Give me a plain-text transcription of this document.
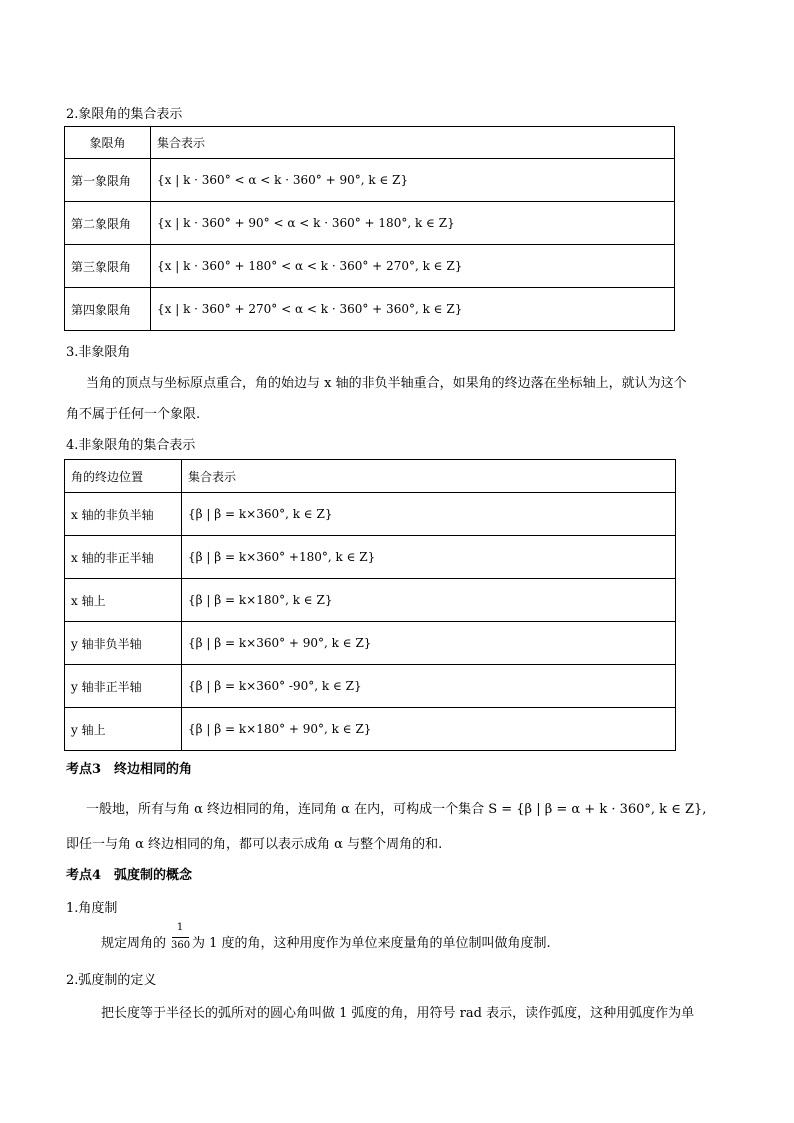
2.象限角的集合表示
象限角	集合表示
第一象限角	{x | k · 360° < α < k · 360° + 90°, k ∈ Z}
第二象限角	{x | k · 360° + 90° < α < k · 360° + 180°, k ∈ Z}
第三象限角	{x | k · 360° + 180° < α < k · 360° + 270°, k ∈ Z}
第四象限角	{x | k · 360° + 270° < α < k · 360° + 360°, k ∈ Z}
3.非象限角
当角的顶点与坐标原点重合，角的始边与 x 轴的非负半轴重合，如果角的终边落在坐标轴上，就认为这个
角不属于任何一个象限.
4.非象限角的集合表示
角的终边位置	集合表示
x 轴的非负半轴	{β | β = k×360°, k ∈ Z}
x 轴的非正半轴	{β | β = k×360° +180°, k ∈ Z}
x 轴上	{β | β = k×180°, k ∈ Z}
y 轴非负半轴	{β | β = k×360° + 90°, k ∈ Z}
y 轴非正半轴	{β | β = k×360° -90°, k ∈ Z}
y 轴上	{β | β = k×180° + 90°, k ∈ Z}
考点3　终边相同的角
一般地，所有与角 α 终边相同的角，连同角 α 在内，可构成一个集合 S = {β | β = α + k · 360°, k ∈ Z},
即任一与角 α 终边相同的角，都可以表示成角 α 与整个周角的和.
考点4　弧度制的概念
1.角度制
规定周角的
1
360 为 1 度的角，这种用度作为单位来度量角的单位制叫做角度制.
2.弧度制的定义
把长度等于半径长的弧所对的圆心角叫做 1 弧度的角，用符号 rad 表示，读作弧度，这种用弧度作为单
